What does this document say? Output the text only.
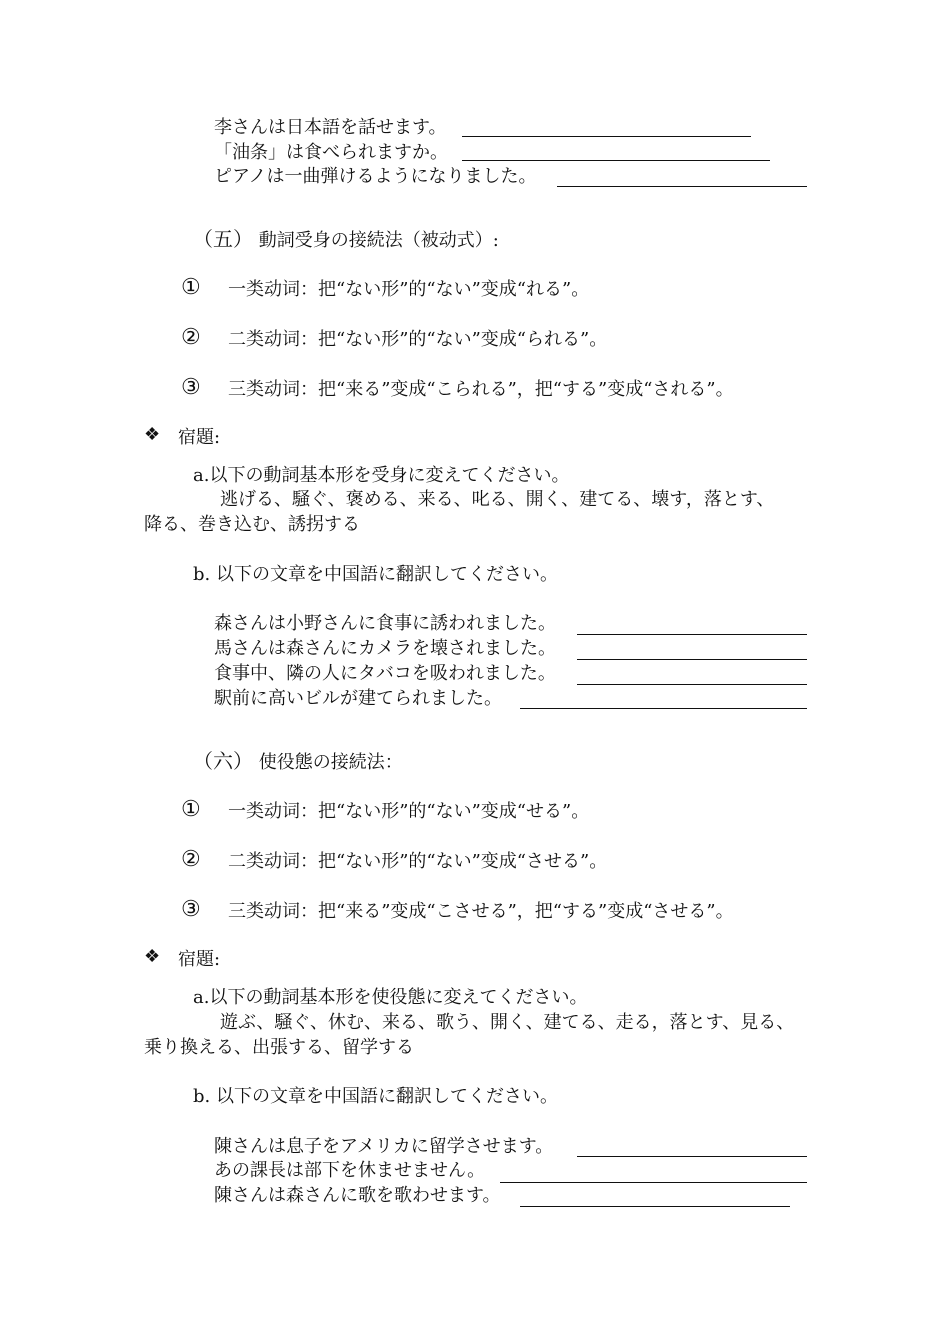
李さんは日本語を話せます。
「油条」は食べられますか。
ピアノは一曲弾けるようになりました。
（五） 動詞受身の接続法（被动式）:
① 一类动词：把“ない形”的“ない”变成“れる”。
② 二类动词：把“ない形”的“ない”变成“られる”。
③ 三类动词：把“来る”变成“こられる”，把“する”变成“される”。
❖ 宿題:
a.以下の動詞基本形を受身に変えてください。
逃げる、騒ぐ、褒める、来る、叱る、開く、建てる、壊す，落とす、
降る、巻き込む、誘拐する
b. 以下の文章を中国語に翻訳してください。
森さんは小野さんに食事に誘われました。
馬さんは森さんにカメラを壊されました。
食事中、隣の人にタバコを吸われました。
駅前に高いビルが建てられました。
（六） 使役態の接続法：
① 一类动词：把“ない形”的“ない”变成“せる”。
② 二类动词：把“ない形”的“ない”变成“させる”。
③ 三类动词：把“来る”变成“こさせる”，把“する”变成“させる”。
❖ 宿題:
a.以下の動詞基本形を使役態に変えてください。
遊ぶ、騒ぐ、休む、来る、歌う、開く、建てる、走る，落とす、見る、
乗り換える、出張する、留学する
b. 以下の文章を中国語に翻訳してください。
陳さんは息子をアメリカに留学させます。
あの課長は部下を休ませません。
陳さんは森さんに歌を歌わせます。
